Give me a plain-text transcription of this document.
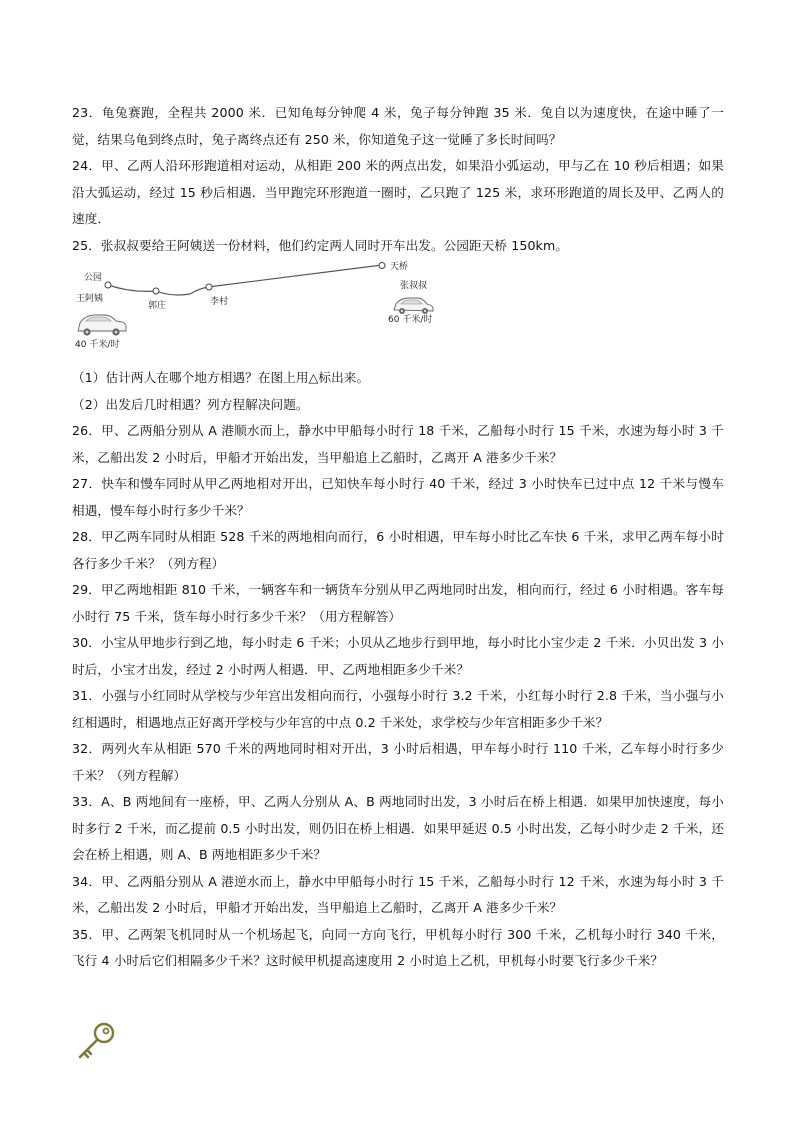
23．龟兔赛跑，全程共 2000 米．已知龟每分钟爬 4 米，兔子每分钟跑 35 米．兔自以为速度快，在途中睡了一觉，结果乌龟到终点时，兔子离终点还有 250 米，你知道兔子这一觉睡了多长时间吗？

24．甲、乙两人沿环形跑道相对运动，从相距 200 米的两点出发，如果沿小弧运动，甲与乙在 10 秒后相遇；如果沿大弧运动，经过 15 秒后相遇．当甲跑完环形跑道一圈时，乙只跑了 125 米，求环形跑道的周长及甲、乙两人的速度．

25．张叔叔要给王阿姨送一份材料，他们约定两人同时开车出发。公园距天桥 150km。

公园
天桥
郭庄	李村
张叔叔
60 千米/时
王阿姨
40 千米/时

（1）估计两人在哪个地方相遇？在图上用△标出来。

（2）出发后几时相遇？列方程解决问题。

26．甲、乙两船分别从 A 港顺水而上，静水中甲船每小时行 18 千米，乙船每小时行 15 千米，水速为每小时 3 千米，乙船出发 2 小时后，甲船才开始出发，当甲船追上乙船时，乙离开 A 港多少千米？

27．快车和慢车同时从甲乙两地相对开出，已知快车每小时行 40 千米，经过 3 小时快车已过中点 12 千米与慢车相遇，慢车每小时行多少千米？

28．甲乙两车同时从相距 528 千米的两地相向而行，6 小时相遇，甲车每小时比乙车快 6 千米，求甲乙两车每小时各行多少千米？（列方程）

29．甲乙两地相距 810 千米，一辆客车和一辆货车分别从甲乙两地同时出发，相向而行，经过 6 小时相遇。客车每小时行 75 千米，货车每小时行多少千米？（用方程解答）

30．小宝从甲地步行到乙地，每小时走 6 千米；小贝从乙地步行到甲地，每小时比小宝少走 2 千米．小贝出发 3 小时后，小宝才出发，经过 2 小时两人相遇．甲、乙两地相距多少千米？

31．小强与小红同时从学校与少年宫出发相向而行，小强每小时行 3.2 千米，小红每小时行 2.8 千米，当小强与小红相遇时，相遇地点正好离开学校与少年宫的中点 0.2 千米处，求学校与少年宫相距多少千米？

32．两列火车从相距 570 千米的两地同时相对开出，3 小时后相遇，甲车每小时行 110 千米，乙车每小时行多少千米？（列方程解）

33．A、B 两地间有一座桥，甲、乙两人分别从 A、B 两地同时出发，3 小时后在桥上相遇．如果甲加快速度，每小时多行 2 千米，而乙提前 0.5 小时出发，则仍旧在桥上相遇．如果甲延迟 0.5 小时出发，乙每小时少走 2 千米，还会在桥上相遇，则 A、B 两地相距多少千米？

34．甲、乙两船分别从 A 港逆水而上，静水中甲船每小时行 15 千米，乙船每小时行 12 千米，水速为每小时 3 千米，乙船出发 2 小时后，甲船才开始出发，当甲船追上乙船时，乙离开 A 港多少千米？

35．甲、乙两架飞机同时从一个机场起飞，向同一方向飞行，甲机每小时行 300 千米，乙机每小时行 340 千米，飞行 4 小时后它们相隔多少千米？这时候甲机提高速度用 2 小时追上乙机，甲机每小时要飞行多少千米？
